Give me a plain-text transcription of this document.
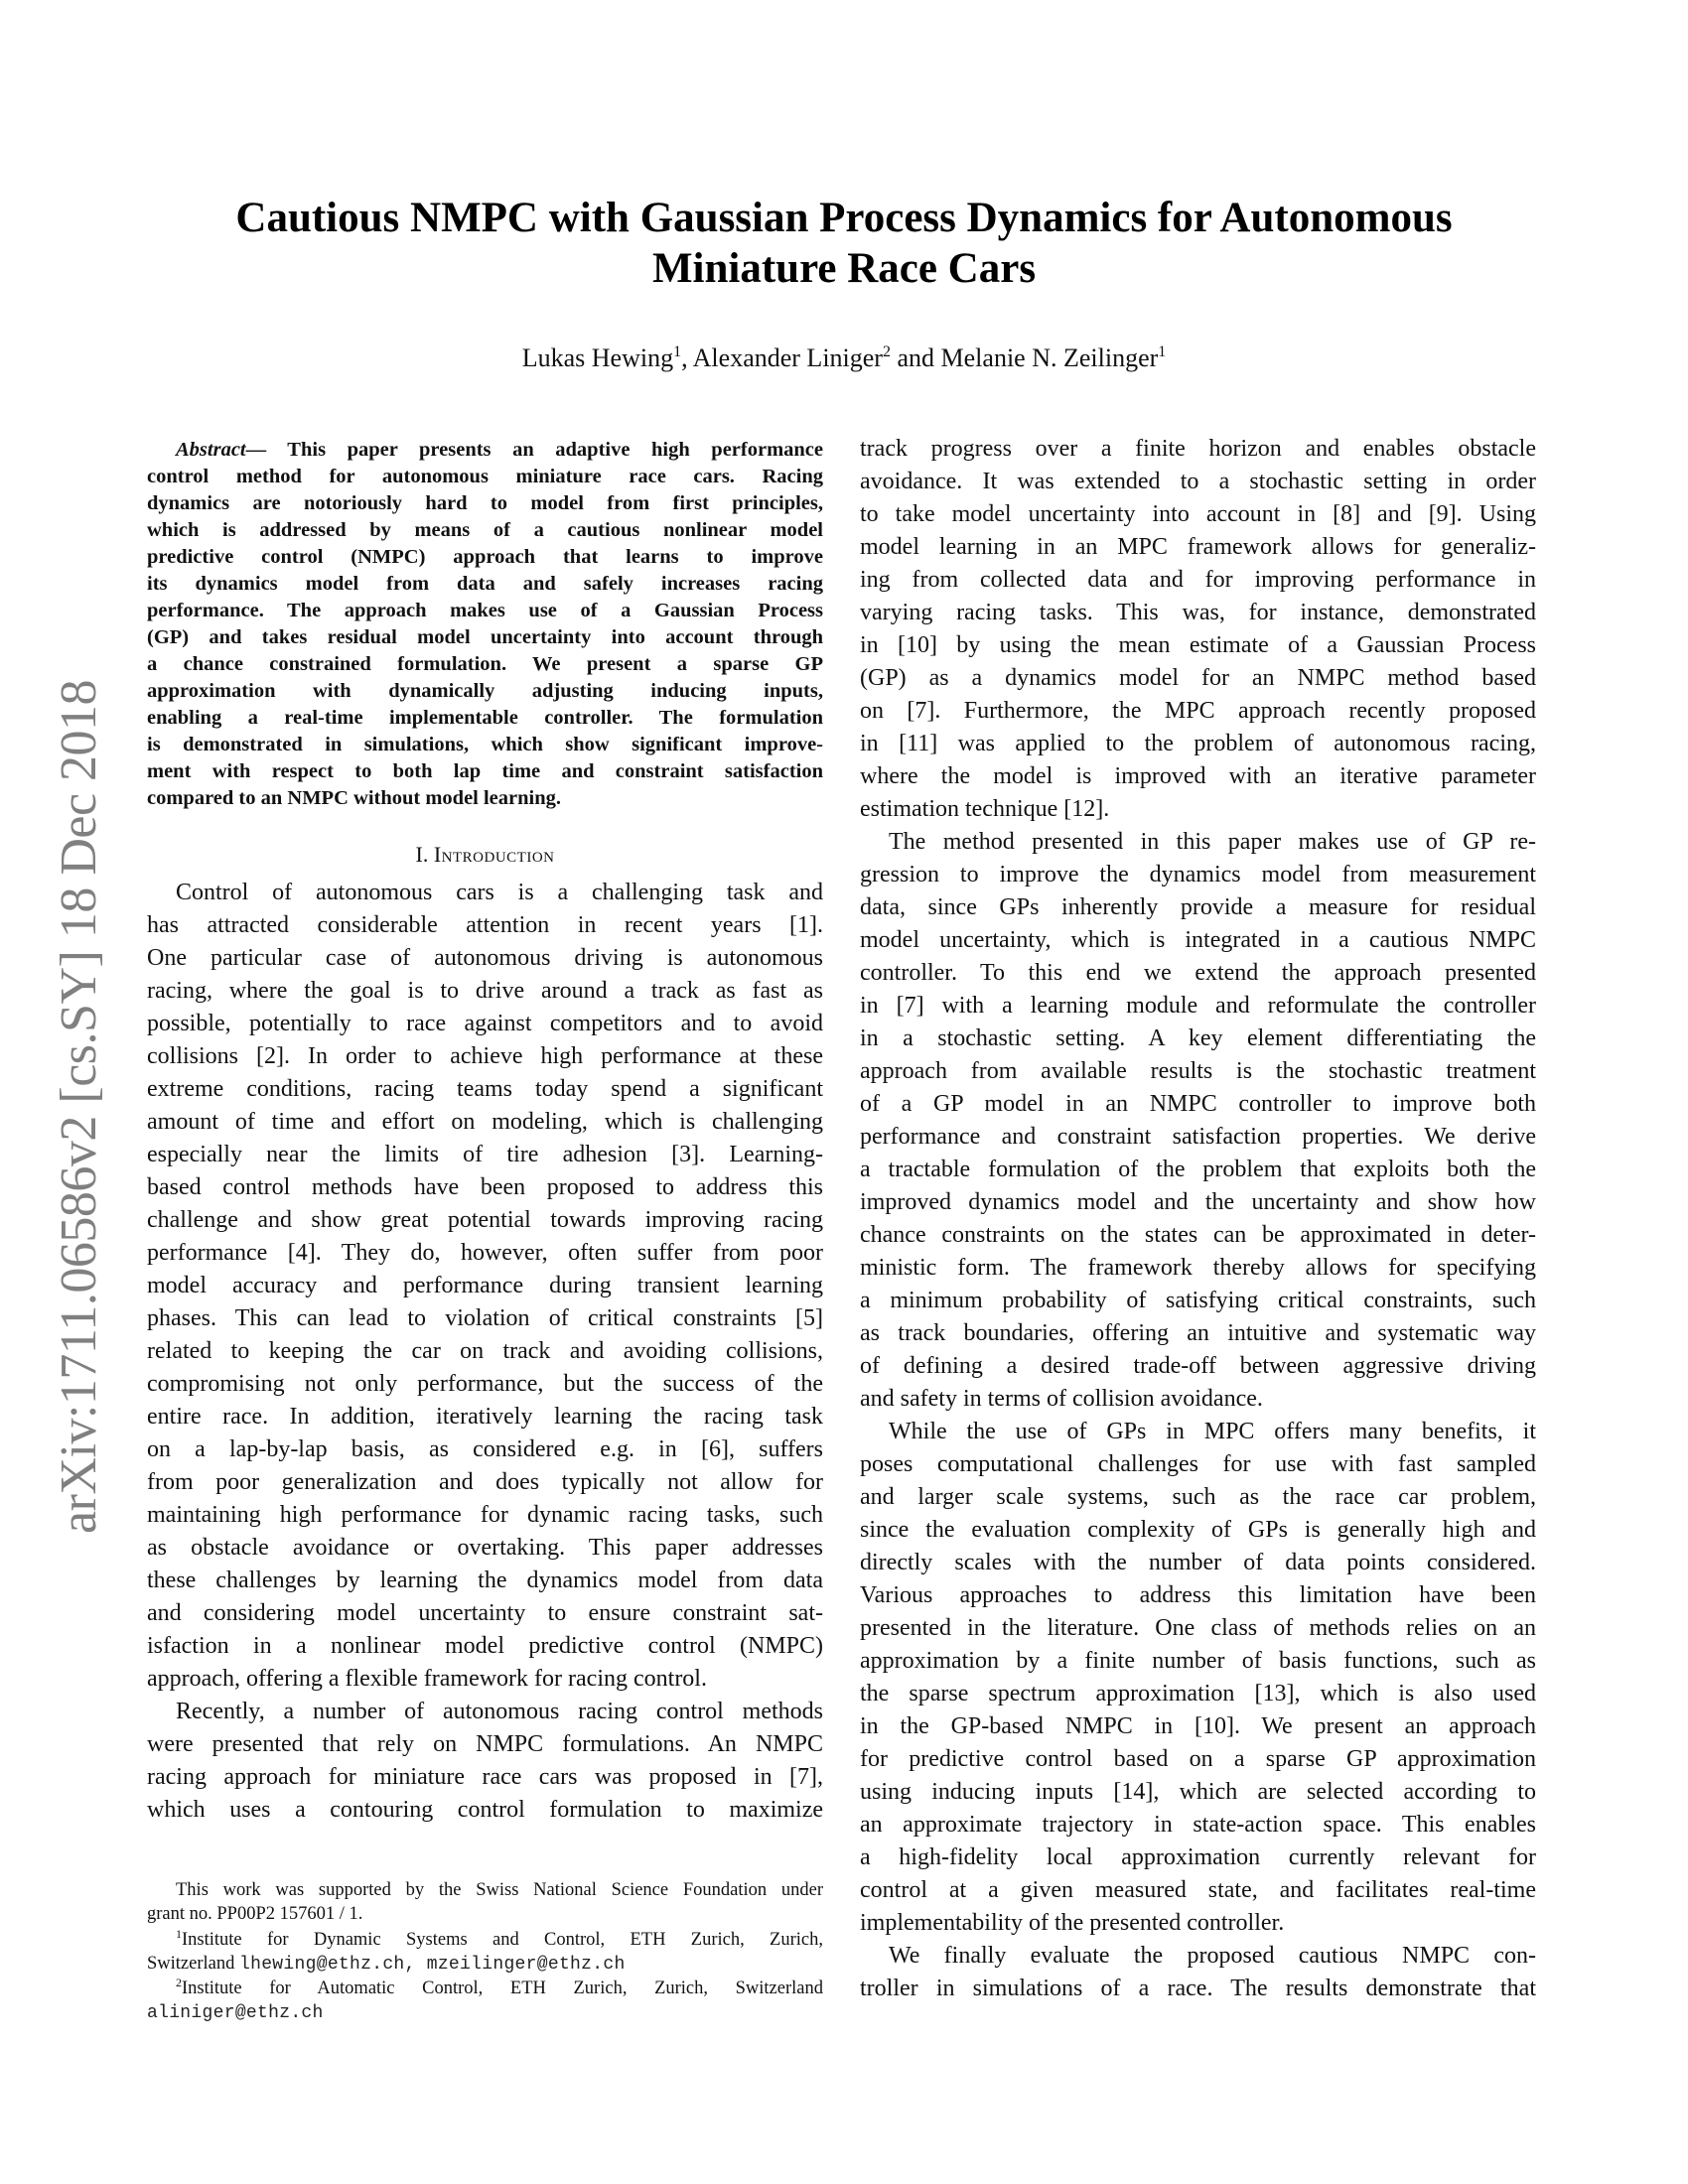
Cautious NMPC with Gaussian Process Dynamics for Autonomous
Miniature Race Cars
Lukas Hewing$^1$, Alexander Liniger$^2$ and Melanie N. Zeilinger$^1$
arXiv:1711.06586v2 [cs.SY] 18 Dec 2018
Abstract— This paper presents an adaptive high performance
control method for autonomous miniature race cars. Racing
dynamics are notoriously hard to model from first principles,
which is addressed by means of a cautious nonlinear model
predictive control (NMPC) approach that learns to improve
its dynamics model from data and safely increases racing
performance. The approach makes use of a Gaussian Process
(GP) and takes residual model uncertainty into account through
a chance constrained formulation. We present a sparse GP
approximation with dynamically adjusting inducing inputs,
enabling a real-time implementable controller. The formulation
is demonstrated in simulations, which show significant improve-
ment with respect to both lap time and constraint satisfaction
compared to an NMPC without model learning.
I. Introduction
Control of autonomous cars is a challenging task and
has attracted considerable attention in recent years [1].
One particular case of autonomous driving is autonomous
racing, where the goal is to drive around a track as fast as
possible, potentially to race against competitors and to avoid
collisions [2]. In order to achieve high performance at these
extreme conditions, racing teams today spend a significant
amount of time and effort on modeling, which is challenging
especially near the limits of tire adhesion [3]. Learning-
based control methods have been proposed to address this
challenge and show great potential towards improving racing
performance [4]. They do, however, often suffer from poor
model accuracy and performance during transient learning
phases. This can lead to violation of critical constraints [5]
related to keeping the car on track and avoiding collisions,
compromising not only performance, but the success of the
entire race. In addition, iteratively learning the racing task
on a lap-by-lap basis, as considered e.g. in [6], suffers
from poor generalization and does typically not allow for
maintaining high performance for dynamic racing tasks, such
as obstacle avoidance or overtaking. This paper addresses
these challenges by learning the dynamics model from data
and considering model uncertainty to ensure constraint sat-
isfaction in a nonlinear model predictive control (NMPC)
approach, offering a flexible framework for racing control.
Recently, a number of autonomous racing control methods
were presented that rely on NMPC formulations. An NMPC
racing approach for miniature race cars was proposed in [7],
which uses a contouring control formulation to maximize
This work was supported by the Swiss National Science Foundation under
grant no. PP00P2 157601 / 1.
$^1$Institute for Dynamic Systems and Control, ETH Zurich, Zurich,
Switzerland lhewing@ethz.ch, mzeilinger@ethz.ch
$^2$Institute for Automatic Control, ETH Zurich, Zurich, Switzerland
aliniger@ethz.ch
track progress over a finite horizon and enables obstacle
avoidance. It was extended to a stochastic setting in order
to take model uncertainty into account in [8] and [9]. Using
model learning in an MPC framework allows for generaliz-
ing from collected data and for improving performance in
varying racing tasks. This was, for instance, demonstrated
in [10] by using the mean estimate of a Gaussian Process
(GP) as a dynamics model for an NMPC method based
on [7]. Furthermore, the MPC approach recently proposed
in [11] was applied to the problem of autonomous racing,
where the model is improved with an iterative parameter
estimation technique [12].
The method presented in this paper makes use of GP re-
gression to improve the dynamics model from measurement
data, since GPs inherently provide a measure for residual
model uncertainty, which is integrated in a cautious NMPC
controller. To this end we extend the approach presented
in [7] with a learning module and reformulate the controller
in a stochastic setting. A key element differentiating the
approach from available results is the stochastic treatment
of a GP model in an NMPC controller to improve both
performance and constraint satisfaction properties. We derive
a tractable formulation of the problem that exploits both the
improved dynamics model and the uncertainty and show how
chance constraints on the states can be approximated in deter-
ministic form. The framework thereby allows for specifying
a minimum probability of satisfying critical constraints, such
as track boundaries, offering an intuitive and systematic way
of defining a desired trade-off between aggressive driving
and safety in terms of collision avoidance.
While the use of GPs in MPC offers many benefits, it
poses computational challenges for use with fast sampled
and larger scale systems, such as the race car problem,
since the evaluation complexity of GPs is generally high and
directly scales with the number of data points considered.
Various approaches to address this limitation have been
presented in the literature. One class of methods relies on an
approximation by a finite number of basis functions, such as
the sparse spectrum approximation [13], which is also used
in the GP-based NMPC in [10]. We present an approach
for predictive control based on a sparse GP approximation
using inducing inputs [14], which are selected according to
an approximate trajectory in state-action space. This enables
a high-fidelity local approximation currently relevant for
control at a given measured state, and facilitates real-time
implementability of the presented controller.
We finally evaluate the proposed cautious NMPC con-
troller in simulations of a race. The results demonstrate that
